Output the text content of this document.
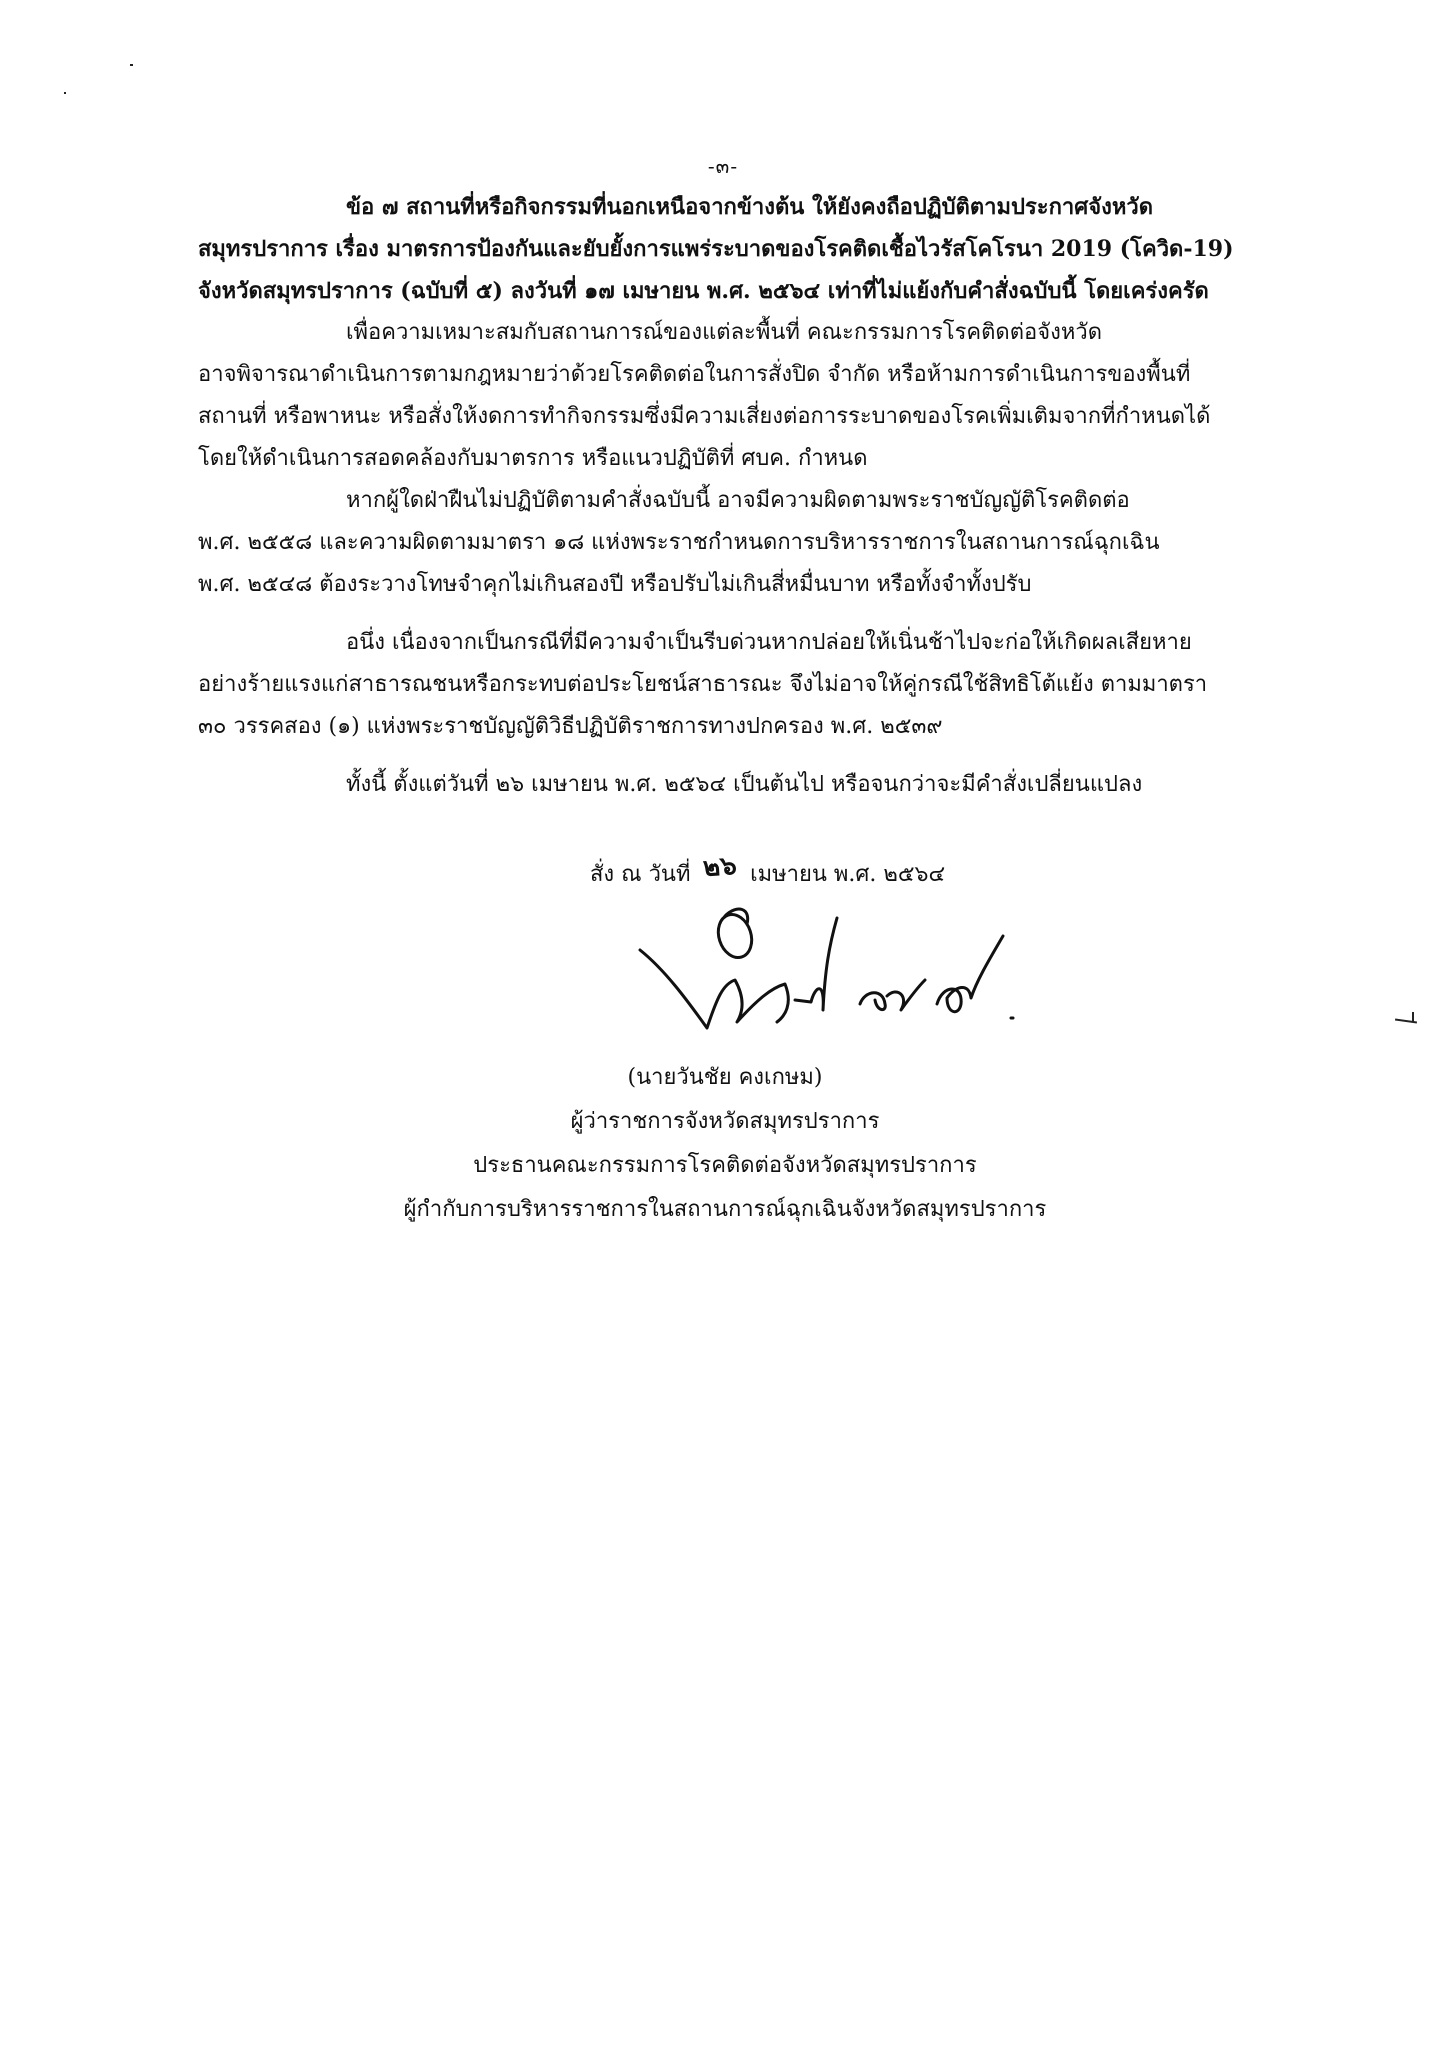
-๓-
ข้อ ๗ สถานที่หรือกิจกรรมที่นอกเหนือจากข้างต้น ให้ยังคงถือปฏิบัติตามประกาศจังหวัด
สมุทรปราการ เรื่อง มาตรการป้องกันและยับยั้งการแพร่ระบาดของโรคติดเชื้อไวรัสโคโรนา 2019 (โควิด-19)
จังหวัดสมุทรปราการ (ฉบับที่ ๕) ลงวันที่ ๑๗ เมษายน พ.ศ. ๒๕๖๔ เท่าที่ไม่แย้งกับคำสั่งฉบับนี้ โดยเคร่งครัด
เพื่อความเหมาะสมกับสถานการณ์ของแต่ละพื้นที่ คณะกรรมการโรคติดต่อจังหวัด
อาจพิจารณาดำเนินการตามกฎหมายว่าด้วยโรคติดต่อในการสั่งปิด จำกัด หรือห้ามการดำเนินการของพื้นที่
สถานที่ หรือพาหนะ หรือสั่งให้งดการทำกิจกรรมซึ่งมีความเสี่ยงต่อการระบาดของโรคเพิ่มเติมจากที่กำหนดได้
โดยให้ดำเนินการสอดคล้องกับมาตรการ หรือแนวปฏิบัติที่ ศบค. กำหนด
หากผู้ใดฝ่าฝืนไม่ปฏิบัติตามคำสั่งฉบับนี้ อาจมีความผิดตามพระราชบัญญัติโรคติดต่อ
พ.ศ. ๒๕๕๘ และความผิดตามมาตรา ๑๘ แห่งพระราชกำหนดการบริหารราชการในสถานการณ์ฉุกเฉิน
พ.ศ. ๒๕๔๘ ต้องระวางโทษจำคุกไม่เกินสองปี หรือปรับไม่เกินสี่หมื่นบาท หรือทั้งจำทั้งปรับ
อนึ่ง เนื่องจากเป็นกรณีที่มีความจำเป็นรีบด่วนหากปล่อยให้เนิ่นช้าไปจะก่อให้เกิดผลเสียหาย
อย่างร้ายแรงแก่สาธารณชนหรือกระทบต่อประโยชน์สาธารณะ จึงไม่อาจให้คู่กรณีใช้สิทธิโต้แย้ง ตามมาตรา
๓๐ วรรคสอง (๑) แห่งพระราชบัญญัติวิธีปฏิบัติราชการทางปกครอง พ.ศ. ๒๕๓๙
ทั้งนี้ ตั้งแต่วันที่ ๒๖ เมษายน พ.ศ. ๒๕๖๔ เป็นต้นไป หรือจนกว่าจะมีคำสั่งเปลี่ยนแปลง
สั่ง ณ วันที่ ๒๖ เมษายน พ.ศ. ๒๕๖๔
(นายวันชัย คงเกษม)
ผู้ว่าราชการจังหวัดสมุทรปราการ
ประธานคณะกรรมการโรคติดต่อจังหวัดสมุทรปราการ
ผู้กำกับการบริหารราชการในสถานการณ์ฉุกเฉินจังหวัดสมุทรปราการ
